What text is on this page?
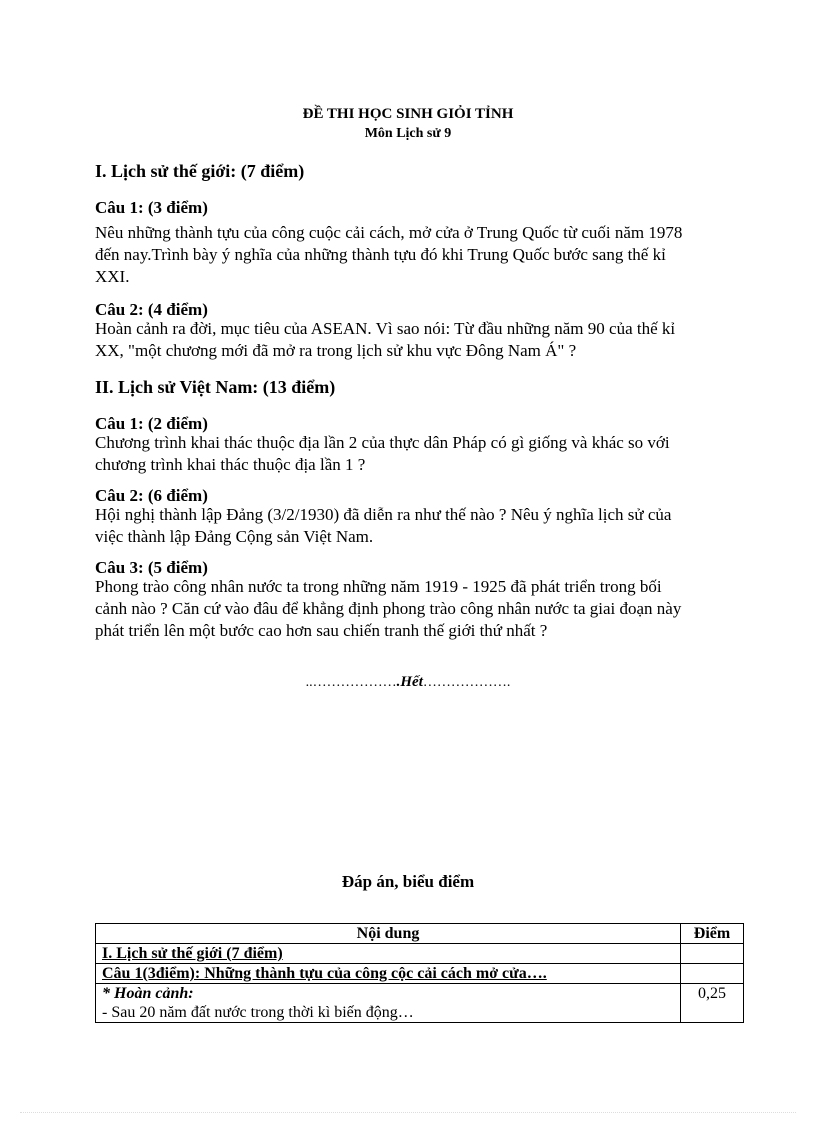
ĐỀ THI HỌC SINH GIỎI TỈNH
Môn Lịch sử 9
I. Lịch sử thế giới: (7 điểm)
Câu 1: (3 điểm)
Nêu những thành tựu của công cuộc cải cách, mở cửa ở Trung Quốc từ cuối năm 1978
đến nay.Trình bày ý nghĩa của những thành tựu đó khi Trung Quốc bước sang thế kỉ
XXI.
Câu 2: (4 điểm)
Hoàn cảnh ra đời, mục tiêu của ASEAN. Vì sao nói: Từ đầu những năm 90 của thế kỉ
XX, "một chương mới đã mở ra trong lịch sử khu vực Đông Nam Á" ?
II. Lịch sử Việt Nam: (13 điểm)
Câu 1: (2 điểm)
Chương trình khai thác thuộc địa lần 2 của thực dân Pháp có gì giống và khác so với
chương trình khai thác thuộc địa lần 1 ?
Câu 2: (6 điểm)
Hội nghị thành lập Đảng (3/2/1930) đã diễn ra như thế nào ? Nêu ý nghĩa lịch sử của
việc thành lập Đảng Cộng sản Việt Nam.
Câu 3: (5 điểm)
Phong trào công nhân nước ta trong những năm 1919 - 1925 đã phát triển trong bối
cảnh nào ? Căn cứ vào đâu để khẳng định phong trào công nhân nước ta giai đoạn này
phát triển lên một bước cao hơn sau chiến tranh thế giới thứ nhất ?
..……………….Hết……………….
Đáp án, biểu điểm
Nội dung	Điểm
I. Lịch sử thế giới (7 điểm)	
Câu 1(3điểm): Những thành tựu của công cộc cải cách mở cửa….	

* Hoàn cảnh:
- Sau 20 năm đất nước trong thời kì biến động…	0,25
